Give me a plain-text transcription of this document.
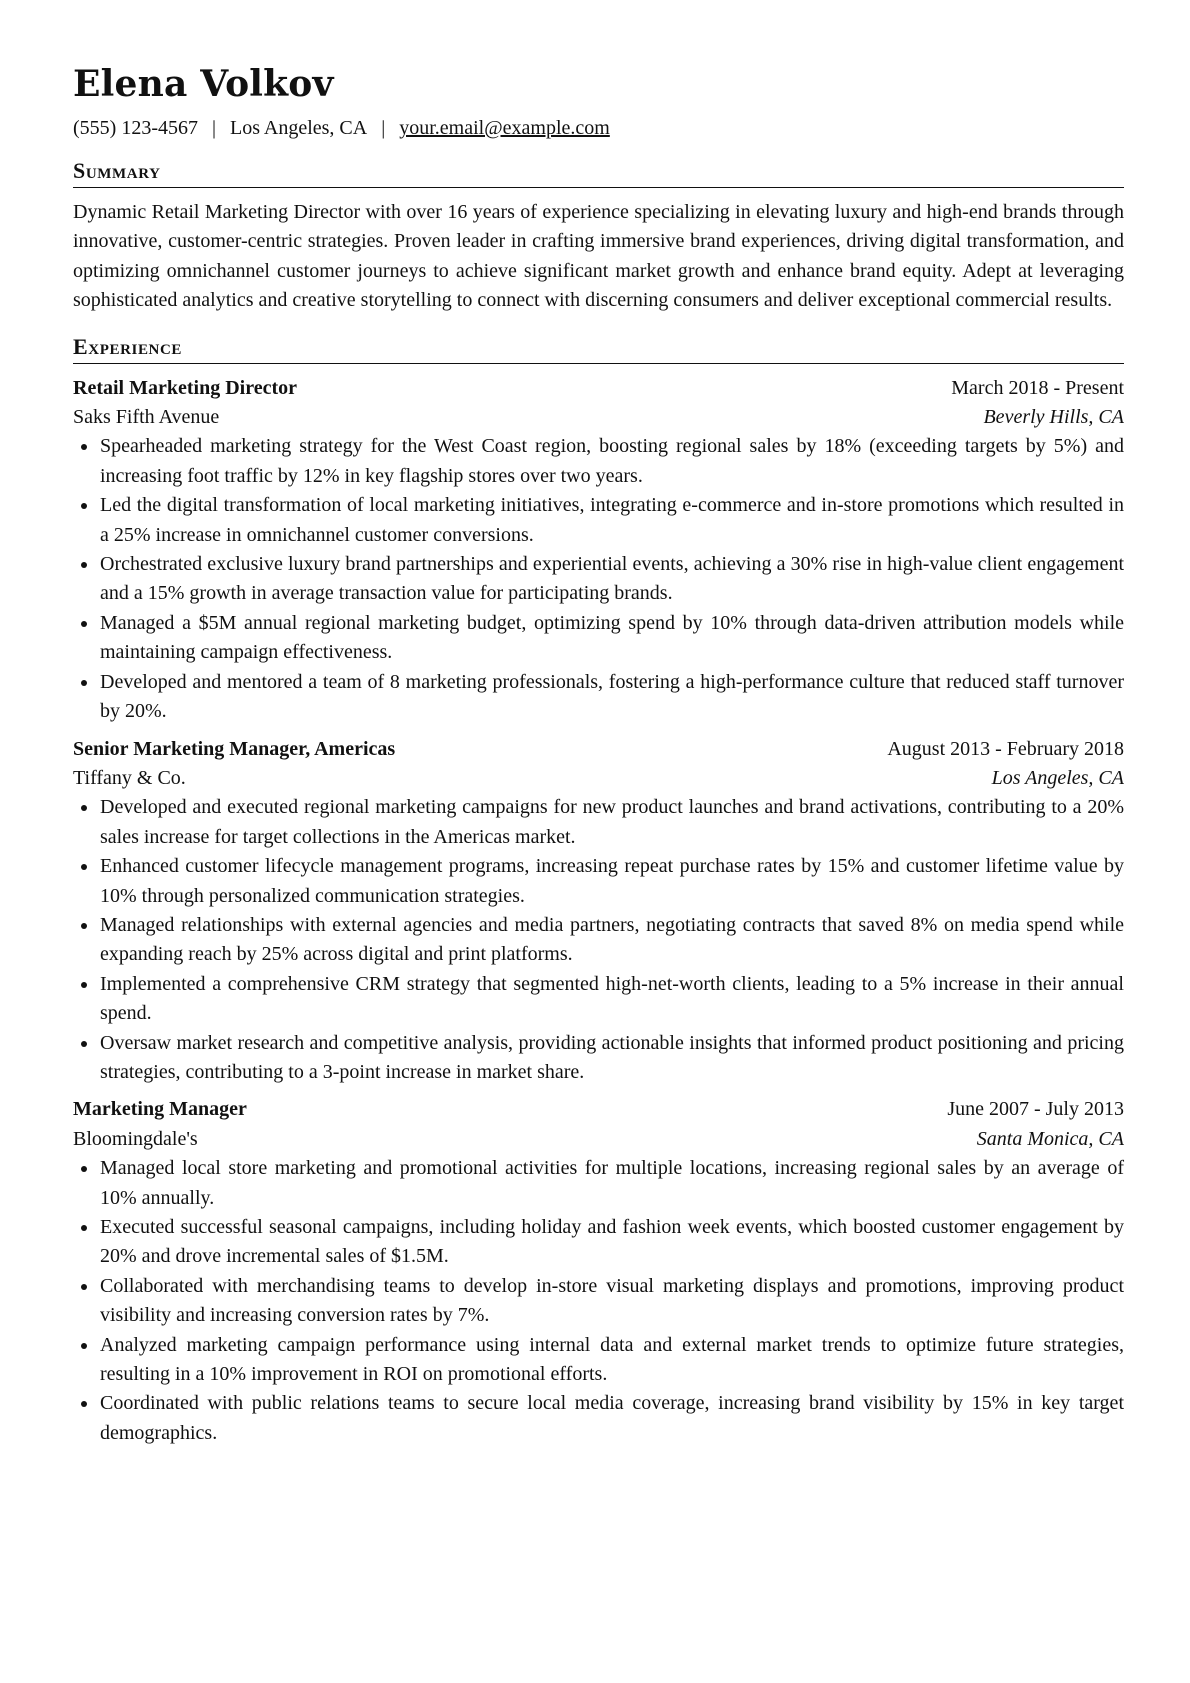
Elena Volkov
(555) 123-4567 | Los Angeles, CA | your.email@example.com
Summary
Dynamic Retail Marketing Director with over 16 years of experience specializing in elevating luxury and high-end brands through innovative, customer-centric strategies. Proven leader in crafting immersive brand experiences, driving digital transformation, and optimizing omnichannel customer journeys to achieve significant market growth and enhance brand equity. Adept at leveraging sophisticated analytics and creative storytelling to connect with discerning consumers and deliver exceptional commercial results.
Experience
Retail Marketing Director	March 2018 - Present
Saks Fifth Avenue	Beverly Hills, CA
Spearheaded marketing strategy for the West Coast region, boosting regional sales by 18% (exceeding targets by 5%) and increasing foot traffic by 12% in key flagship stores over two years.
Led the digital transformation of local marketing initiatives, integrating e-commerce and in-store promotions which resulted in a 25% increase in omnichannel customer conversions.
Orchestrated exclusive luxury brand partnerships and experiential events, achieving a 30% rise in high-value client engagement and a 15% growth in average transaction value for participating brands.
Managed a $5M annual regional marketing budget, optimizing spend by 10% through data-driven attribution models while maintaining campaign effectiveness.
Developed and mentored a team of 8 marketing professionals, fostering a high-performance culture that reduced staff turnover by 20%.
Senior Marketing Manager, Americas	August 2013 - February 2018
Tiffany & Co.	Los Angeles, CA
Developed and executed regional marketing campaigns for new product launches and brand activations, contributing to a 20% sales increase for target collections in the Americas market.
Enhanced customer lifecycle management programs, increasing repeat purchase rates by 15% and customer lifetime value by 10% through personalized communication strategies.
Managed relationships with external agencies and media partners, negotiating contracts that saved 8% on media spend while expanding reach by 25% across digital and print platforms.
Implemented a comprehensive CRM strategy that segmented high-net-worth clients, leading to a 5% increase in their annual spend.
Oversaw market research and competitive analysis, providing actionable insights that informed product positioning and pricing strategies, contributing to a 3-point increase in market share.
Marketing Manager	June 2007 - July 2013
Bloomingdale's	Santa Monica, CA
Managed local store marketing and promotional activities for multiple locations, increasing regional sales by an average of 10% annually.
Executed successful seasonal campaigns, including holiday and fashion week events, which boosted customer engagement by 20% and drove incremental sales of $1.5M.
Collaborated with merchandising teams to develop in-store visual marketing displays and promotions, improving product visibility and increasing conversion rates by 7%.
Analyzed marketing campaign performance using internal data and external market trends to optimize future strategies, resulting in a 10% improvement in ROI on promotional efforts.
Coordinated with public relations teams to secure local media coverage, increasing brand visibility by 15% in key target demographics.
